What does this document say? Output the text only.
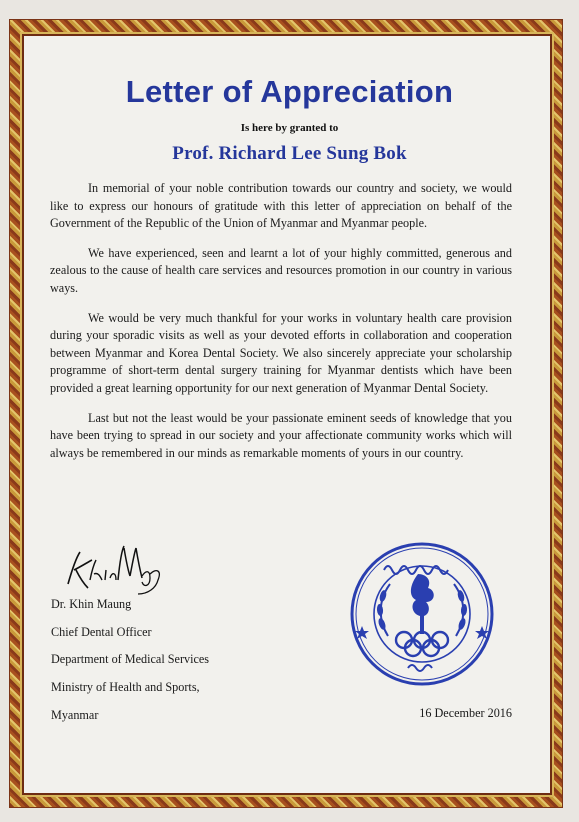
Letter of Appreciation
Is here by granted to
Prof. Richard Lee Sung Bok

In memorial of your noble contribution towards our country and society, we would like to express our honours of gratitude with this letter of appreciation on behalf of the Government of the Republic of the Union of Myanmar and Myanmar people.

We have experienced, seen and learnt a lot of your highly committed, generous and zealous to the cause of health care services and resources promotion in our country in various ways.

We would be very much thankful for your works in voluntary health care provision during your sporadic visits as well as your devoted efforts in collaboration and cooperation between Myanmar and Korea Dental Society. We also sincerely appreciate your scholarship programme of short-term dental surgery training for Myanmar dentists which have been provided a great learning opportunity for our next generation of Myanmar Dental Society.

Last but not the least would be your passionate eminent seeds of knowledge that you have been trying to spread in our society and your affectionate community works which will always be remembered in our minds as remarkable moments of yours in our country.

Dr. Khin Maung
Chief Dental Officer
Department of Medical Services
Ministry of Health and Sports,
Myanmar	16 December 2016
